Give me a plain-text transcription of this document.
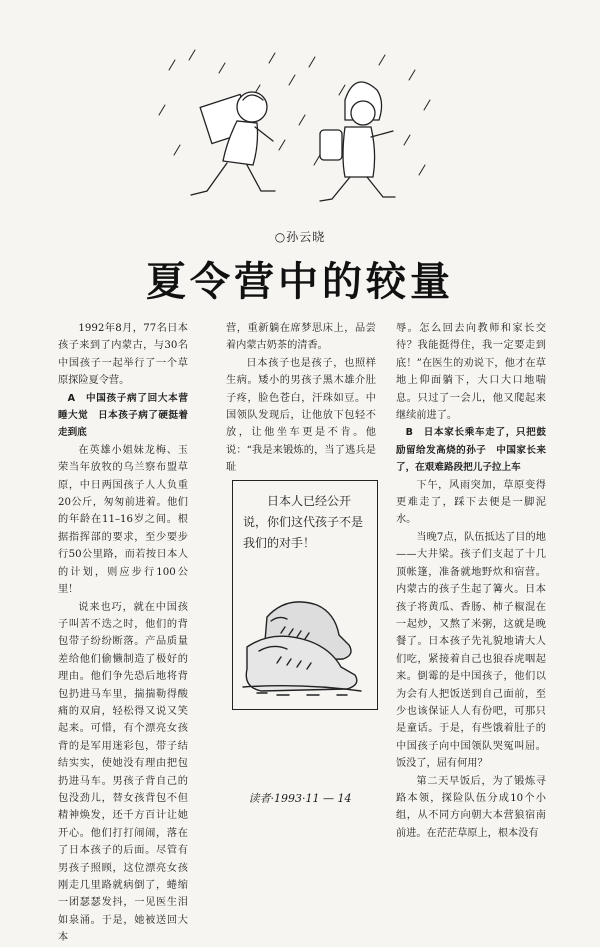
○孙云晓
夏令营中的较量

1992年8月，77名日本孩子来到了内蒙古，与30名中国孩子一起举行了一个草原探险夏令营。

A　中国孩子病了回大本营睡大觉　日本孩子病了硬挺着走到底

在英雄小姐妹龙梅、玉荣当年放牧的乌兰察布盟草原，中日两国孩子人人负重20公斤，匆匆前进着。他们的年龄在11–16岁之间。根据指挥部的要求，至少要步行50公里路，而若按日本人的计划，则应步行100公里！

说来也巧，就在中国孩子叫苦不迭之时，他们的背包带子纷纷断落。产品质量差给他们偷懒制造了极好的理由。他们争先恐后地将背包扔进马车里，揣揣勒得酸痛的双肩，轻松得又说又笑起来。可惜，有个漂亮女孩背的是军用迷彩包，带子结结实实，使她没有理由把包扔进马车。男孩子背自己的包没劲儿，替女孩背包不但精神焕发，还千方百计让她开心。他们打打闹闹，落在了日本孩子的后面。尽管有男孩子照顾，这位漂亮女孩刚走几里路就病倒了，蜷缩一团瑟瑟发抖，一见医生泪如泉涌。于是，她被送回大本

营，重新躺在席梦思床上，品尝着内蒙古奶茶的清香。

日本孩子也是孩子，也照样生病。矮小的男孩子黑木雄介肚子疼，脸色苍白，汗珠如豆。中国领队发现后，让他放下包轻不放，让他坐车更是不肯。他说：“我是来锻炼的，当了逃兵是耻

日本人已经公开说，你们这代孩子不是我们的对手！

辱。怎么回去向教师和家长交待？我能挺得住，我一定要走到底！”在医生的劝说下，他才在草地上仰面躺下，大口大口地喘息。只过了一会儿，他又爬起来继续前进了。

B　日本家长乘车走了，只把鼓励留给发高烧的孙子　中国家长来了，在艰难路段把儿子拉上车

下午，风雨突加，草原变得更难走了，踩下去便是一脚泥水。

当晚7点，队伍抵达了目的地——大井梁。孩子们支起了十几顶帐篷，准备就地野炊和宿营。内蒙古的孩子生起了篝火。日本孩子将黄瓜、香肠、柿子椒混在一起炒，又熬了米粥，这就是晚餐了。日本孩子先礼貌地请大人们吃，紧接着自己也狼吞虎咽起来。倒霉的是中国孩子，他们以为会有人把饭送到自己面前，至少也该保证人人有份吧，可那只是童话。于是，有些饿着肚子的中国孩子向中国领队哭冤叫屈。饭没了，屈有何用？

第二天早饭后，为了锻炼寻路本领，探险队伍分成10个小组，从不同方向朝大本营狼宿南前进。在茫茫草原上，根本没有

读者·1993·11 — 14
